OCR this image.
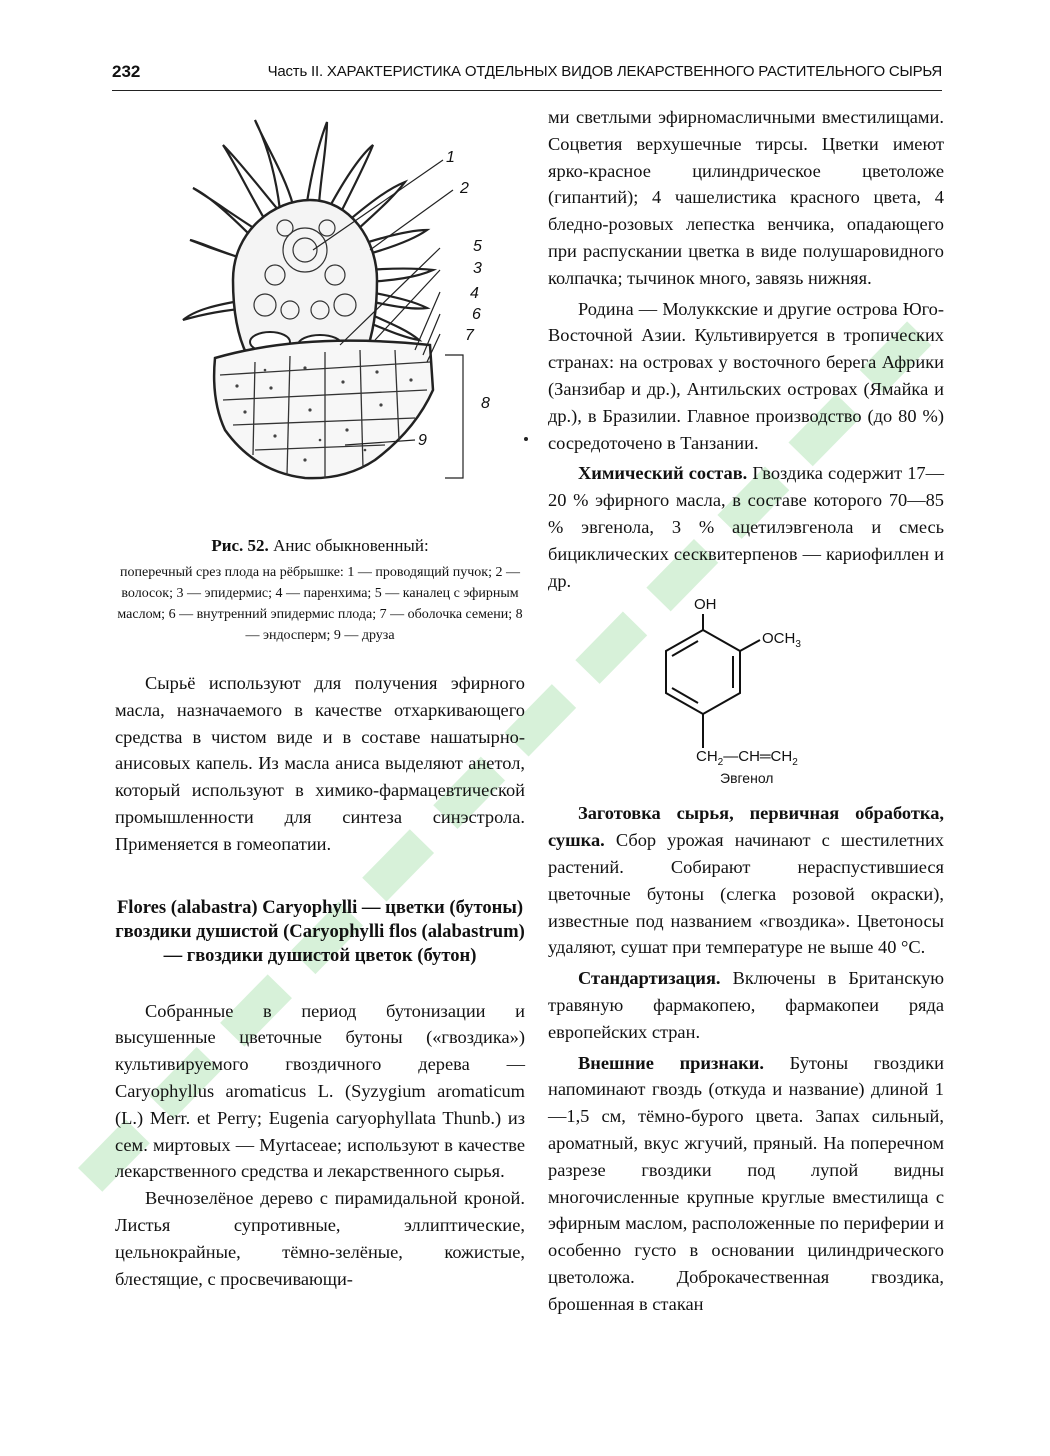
232	Часть II. ХАРАКТЕРИСТИКА ОТДЕЛЬНЫХ ВИДОВ ЛЕКАРСТВЕННОГО РАСТИТЕЛЬНОГО СЫРЬЯ
1
2
5
3
4
6
7
8
9
Рис. 52. Анис обыкновенный:

поперечный срез плода на рёбрышке: 1 — проводящий пучок; 2 — волосок; 3 — эпидермис; 4 — паренхима; 5 — каналец с эфирным маслом; 6 — внутренний эпидермис плода; 7 — оболочка семени; 8 — эндосперм; 9 — друза

Сырьё используют для получения эфирного масла, назначаемого в качестве отхаркивающего средства в чистом виде и в составе нашатырно-анисовых капель. Из масла аниса выделяют анетол, который используют в химико-фармацевтической промышленности для синтеза синэстрола. Применяется в гомеопатии.

Flores (alabastra) Caryophylli — цветки (бутоны) гвоздики душистой (Caryophylli flos (alabastrum) — гвоздики душистой цветок (бутон)

Собранные в период бутонизации и высушенные цветочные бутоны («гвоздика») культивируемого гвоздичного дерева — Caryophyllus aromaticus L. (Syzygium aromaticum (L.) Merr. et Perry; Eugenia caryophyllata Thunb.) из сем. миртовых — Myrtaceae; используют в качестве лекарственного средства и лекарственного сырья.

Вечнозелёное дерево с пирамидальной кроной. Листья супротивные, эллиптические, цельнокрайные, тёмно-зелёные, кожистые, блестящие, с просвечивающи-

ми светлыми эфирномасличными вместилищами. Соцветия верхушечные тирсы. Цветки имеют ярко-красное цилиндрическое цветоложе (гипантий); 4 чашелистика красного цвета, 4 бледно-розовых лепестка венчика, опадающего при распускании цветка в виде полушаровидного колпачка; тычинок много, завязь нижняя.

Родина — Молуккские и другие острова Юго-Восточной Азии. Культивируется в тропических странах: на островах у восточного берега Африки (Занзибар и др.), Антильских островах (Ямайка и др.), в Бразилии. Главное производство (до 80 %) сосредоточено в Танзании.

Химический состав. Гвоздика содержит 17—20 % эфирного масла, в составе которого 70—85 % эвгенола, 3 % ацетилэвгенола и смесь бициклических сесквитерпенов — кариофиллен и др.

OH
$OCH_3$
$CH_2—CH═CH_2$
Эвгенол

Заготовка сырья, первичная обработка, сушка. Сбор урожая начинают с шестилетних растений. Собирают нераспустившиеся цветочные бутоны (слегка розовой окраски), известные под названием «гвоздика». Цветоносы удаляют, сушат при температуре не выше 40 °С.

Стандартизация. Включены в Британскую травяную фармакопею, фармакопеи ряда европейских стран.

Внешние признаки. Бутоны гвоздики напоминают гвоздь (откуда и название) длиной 1—1,5 см, тёмно-бурого цвета. Запах сильный, ароматный, вкус жгучий, пряный. На поперечном разрезе гвоздики под лупой видны многочисленные крупные круглые вместилища с эфирным маслом, расположенные по периферии и особенно густо в основании цилиндрического цветоложа. Доброкачественная гвоздика, брошенная в стакан
